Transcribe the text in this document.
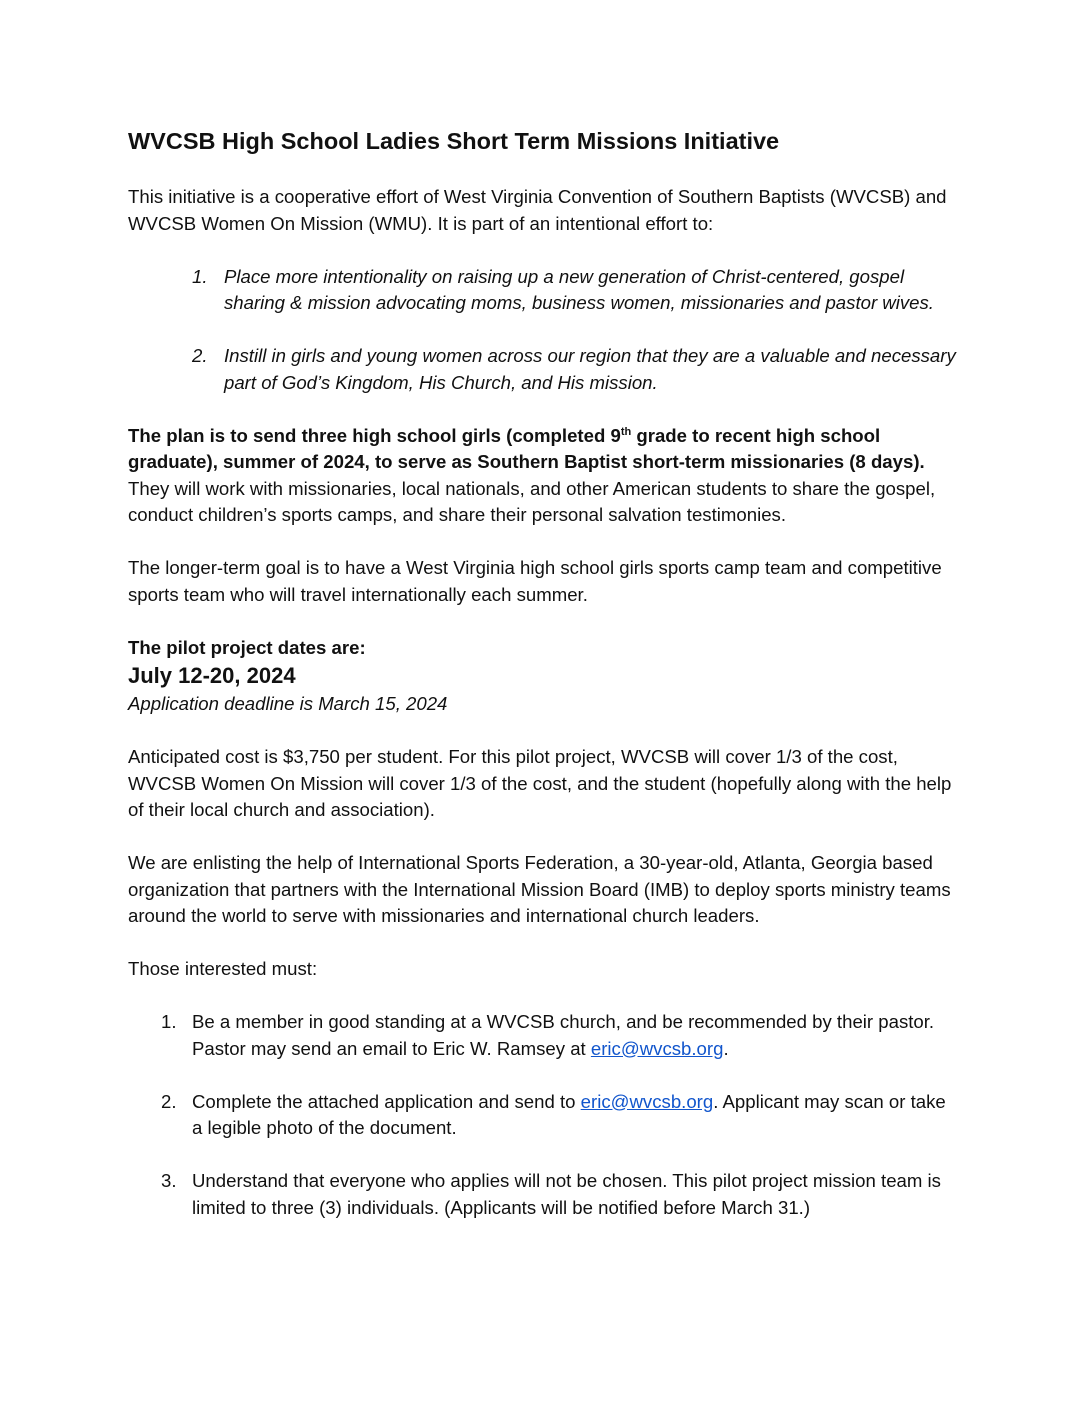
WVCSB High School Ladies Short Term Missions Initiative

This initiative is a cooperative effort of West Virginia Convention of Southern Baptists (WVCSB) and WVCSB Women On Mission (WMU). It is part of an intentional effort to:

1. Place more intentionality on raising up a new generation of Christ-centered, gospel sharing & mission advocating moms, business women, missionaries and pastor wives.
2. Instill in girls and young women across our region that they are a valuable and necessary part of God’s Kingdom, His Church, and His mission.

The plan is to send three high school girls (completed 9th grade to recent high school graduate), summer of 2024, to serve as Southern Baptist short-term missionaries (8 days). They will work with missionaries, local nationals, and other American students to share the gospel, conduct children’s sports camps, and share their personal salvation testimonies.

The longer-term goal is to have a West Virginia high school girls sports camp team and competitive sports team who will travel internationally each summer.

The pilot project dates are:

July 12-20, 2024

Application deadline is March 15, 2024

Anticipated cost is $3,750 per student. For this pilot project, WVCSB will cover 1/3 of the cost, WVCSB Women On Mission will cover 1/3 of the cost, and the student (hopefully along with the help of their local church and association).

We are enlisting the help of International Sports Federation, a 30-year-old, Atlanta, Georgia based organization that partners with the International Mission Board (IMB) to deploy sports ministry teams around the world to serve with missionaries and international church leaders.

Those interested must:

1. Be a member in good standing at a WVCSB church, and be recommended by their pastor. Pastor may send an email to Eric W. Ramsey at eric@wvcsb.org.
2. Complete the attached application and send to eric@wvcsb.org. Applicant may scan or take a legible photo of the document.
3. Understand that everyone who applies will not be chosen. This pilot project mission team is limited to three (3) individuals. (Applicants will be notified before March 31.)
